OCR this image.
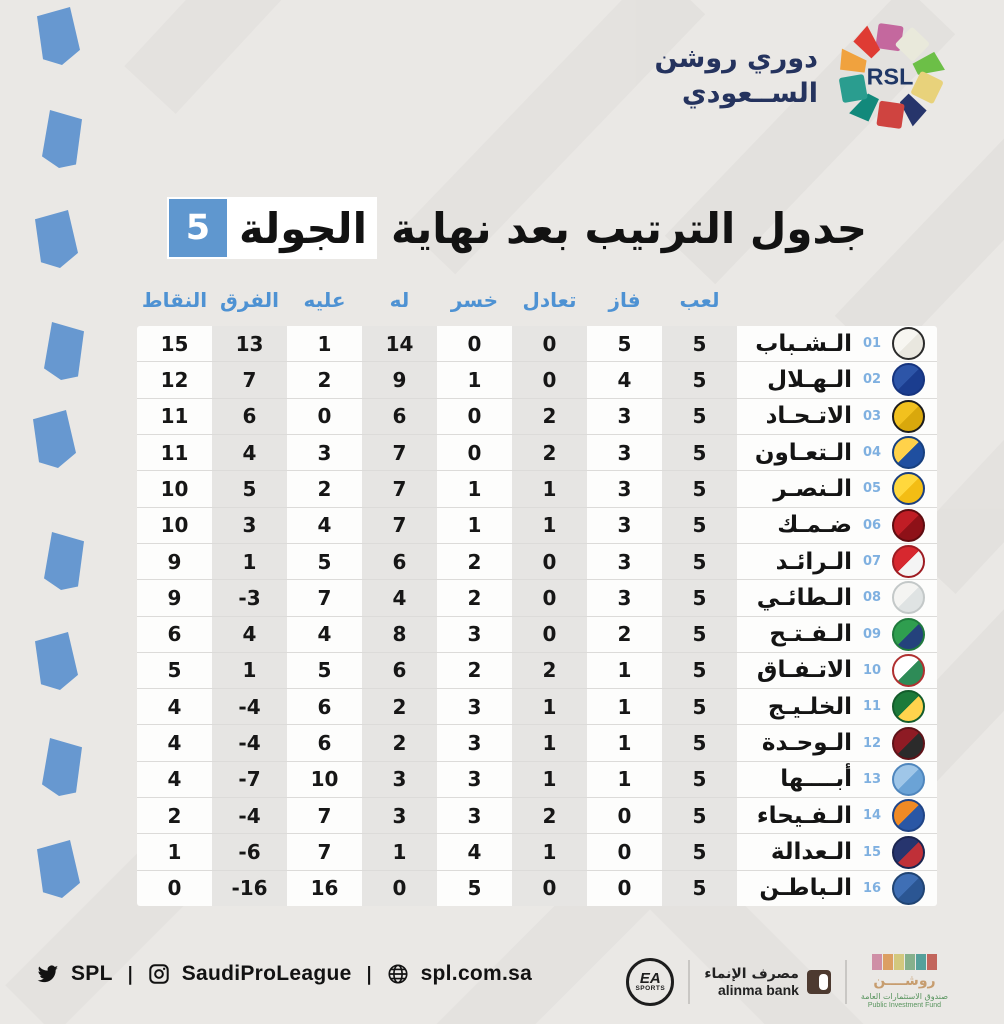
دوري روشن
الســعودي
RSL
جدول الترتيب بعد نهاية
الجولة
5
لعب
فاز
تعادل
خسر
له
عليه
الفرق
النقاط
01
الـشـباب
5
5
0
0
14
1
13
15
02
الـهـلال
5
4
0
1
9
2
7
12
03
الاتـحـاد
5
3
2
0
6
0
6
11
04
الـتعـاون
5
3
2
0
7
3
4
11
05
الـنصـر
5
3
1
1
7
2
5
10
06
ضـمـك
5
3
1
1
7
4
3
10
07
الـرائـد
5
3
0
2
6
5
1
9
08
الـطائـي
5
3
0
2
4
7
-3
9
09
الـفـتـح
5
2
0
3
8
4
4
6
10
الاتـفـاق
5
1
2
2
6
5
1
5
11
الخلـيـج
5
1
1
3
2
6
-4
4
12
الـوحـدة
5
1
1
3
2
6
-4
4
13
أبــــها
5
1
1
3
3
10
-7
4
14
الـفـيحاء
5
0
2
3
3
7
-4
2
15
الـعدالة
5
0
1
4
1
7
-6
1
16
الـباطـن
5
0
0
5
0
16
-16
0
SPL | SaudiProLeague | spl.com.sa	EA
SPORTS
مصرف الإنماء
alinma bank
روشــــن
صندوق الاستثمارات العامة
Public Investment Fund
